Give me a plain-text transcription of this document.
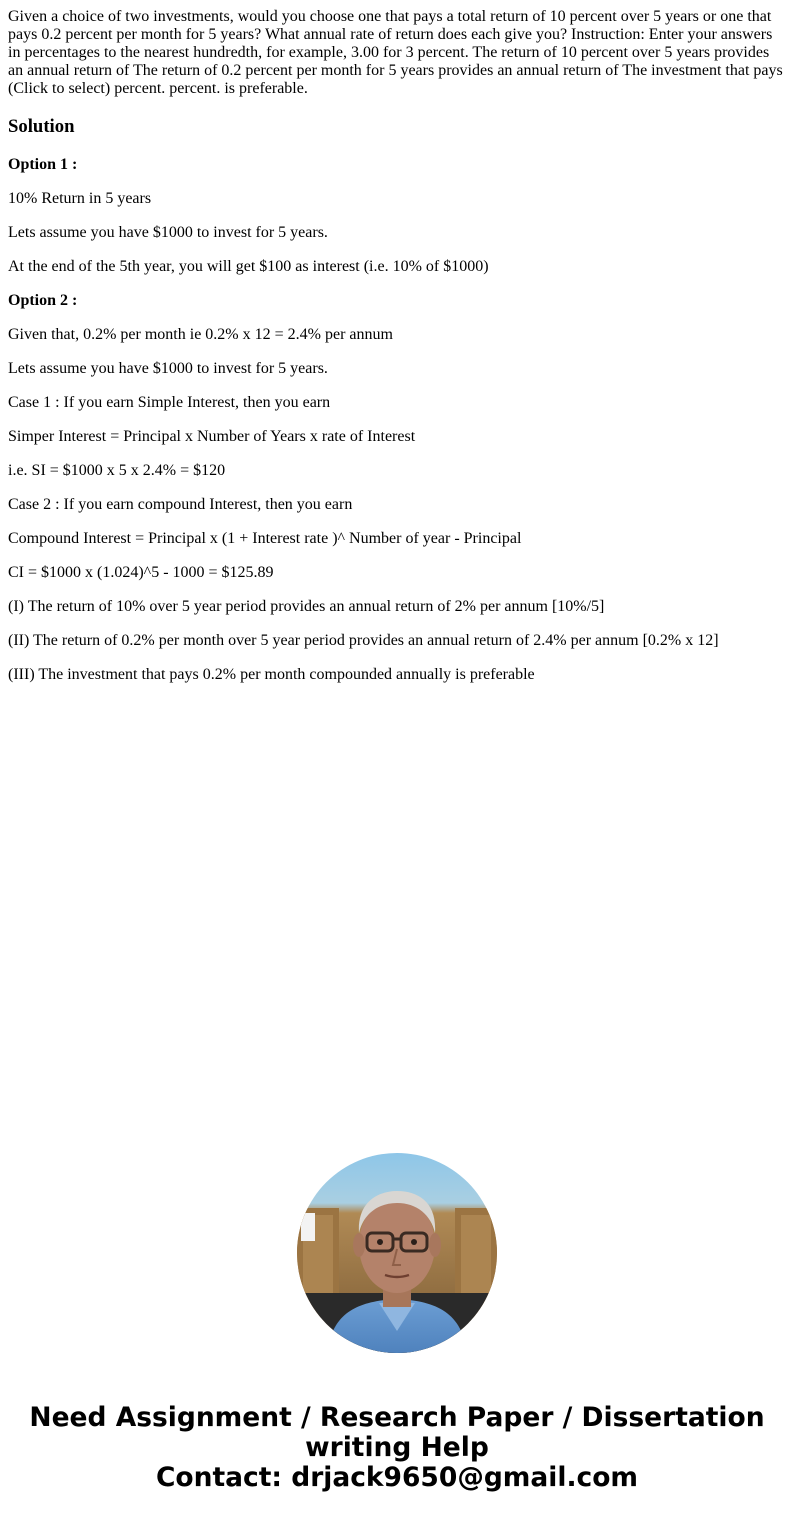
Given a choice of two investments, would you choose one that pays a total return of 10 percent over 5 years or one that pays 0.2 percent per month for 5 years? What annual rate of return does each give you? Instruction: Enter your answers in percentages to the nearest hundredth, for example, 3.00 for 3 percent. The return of 10 percent over 5 years provides an annual return of The return of 0.2 percent per month for 5 years provides an annual return of The investment that pays (Click to select) percent. percent. is preferable.

Solution

Option 1 :

10% Return in 5 years

Lets assume you have $1000 to invest for 5 years.

At the end of the 5th year, you will get $100 as interest (i.e. 10% of $1000)

Option 2 :

Given that, 0.2% per month ie 0.2% x 12 = 2.4% per annum

Lets assume you have $1000 to invest for 5 years.

Case 1 : If you earn Simple Interest, then you earn

Simper Interest = Principal x Number of Years x rate of Interest

i.e. SI = $1000 x 5 x 2.4% = $120

Case 2 : If you earn compound Interest, then you earn

Compound Interest = Principal x (1 + Interest rate )^ Number of year - Principal

CI = $1000 x (1.024)^5 - 1000 = $125.89

(I) The return of 10% over 5 year period provides an annual return of 2% per annum [10%/5]

(II) The return of 0.2% per month over 5 year period provides an annual return of 2.4% per annum [0.2% x 12]

(III) The investment that pays 0.2% per month compounded annually is preferable

Need Assignment / Research Paper / Dissertation
writing Help
Contact: drjack9650@gmail.com
